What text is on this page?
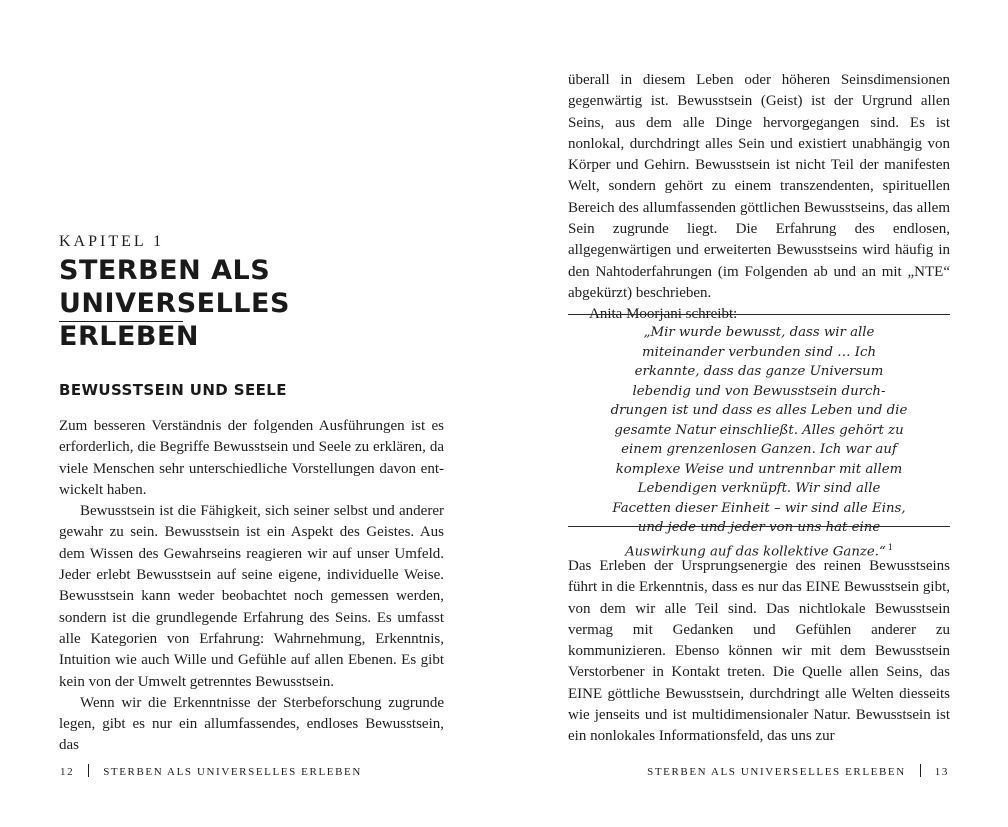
KAPITEL 1
STERBEN ALS UNIVERSELLES
ERLEBEN
BEWUSSTSEIN UND SEELE

Zum besseren Verständnis der folgenden Ausführungen ist es erforderlich, die Begriffe Bewusstsein und Seele zu erklären, da viele Menschen sehr unterschiedliche Vorstellungen davon entwickelt haben.

Bewusstsein ist die Fähigkeit, sich seiner selbst und anderer gewahr zu sein. Bewusstsein ist ein Aspekt des Geistes. Aus dem Wissen des Gewahrseins reagieren wir auf unser Umfeld. Jeder erlebt Bewusstsein auf seine eigene, individuelle Weise. Bewusstsein kann weder beobachtet noch gemessen werden, sondern ist die grundlegende Erfahrung des Seins. Es umfasst alle Kategorien von Erfahrung: Wahrnehmung, Erkenntnis, Intuition wie auch Wille und Gefühle auf allen Ebenen. Es gibt kein von der Umwelt getrenntes Bewusstsein.

Wenn wir die Erkenntnisse der Sterbeforschung zugrunde legen, gibt es nur ein allumfassendes, endloses Bewusstsein, das

12	STERBEN ALS UNIVERSELLES ERLEBEN

überall in diesem Leben oder höheren Seinsdimensionen gegenwärtig ist. Bewusstsein (Geist) ist der Urgrund allen Seins, aus dem alle Dinge hervorgegangen sind. Es ist nonlokal, durchdringt alles Sein und existiert unabhängig von Körper und Gehirn. Bewusstsein ist nicht Teil der manifesten Welt, sondern gehört zu einem transzendenten, spirituellen Bereich des allumfassenden göttlichen Bewusstseins, das allem Sein zugrunde liegt. Die Erfahrung des endlosen, allgegenwärtigen und erweiterten Bewusstseins wird häufig in den Nahtoderfahrungen (im Folgenden ab und an mit „NTE“ abgekürzt) beschrieben.

Anita Moorjani schreibt:

„Mir wurde bewusst, dass wir alle miteinander verbunden sind … Ich erkannte, dass das ganze Universum lebendig und von Bewusstsein durchdrungen ist und dass es alles Leben und die gesamte Natur einschließt. Alles gehört zu einem grenzenlosen Ganzen. Ich war auf komplexe Weise und untrennbar mit allem Lebendigen verknüpft. Wir sind alle Facetten dieser Einheit – wir sind alle Eins, und jede und jeder von uns hat eine Auswirkung auf das kollektive Ganze.“ $^1$

Das Erleben der Ursprungsenergie des reinen Bewusstseins führt in die Erkenntnis, dass es nur das EINE Bewusstsein gibt, von dem wir alle Teil sind. Das nichtlokale Bewusstsein vermag mit Gedanken und Gefühlen anderer zu kommunizieren. Ebenso können wir mit dem Bewusstsein Verstorbener in Kontakt treten. Die Quelle allen Seins, das EINE göttliche Bewusstsein, durchdringt alle Welten diesseits wie jenseits und ist multidimensionaler Natur. Bewusstsein ist ein nonlokales Informationsfeld, das uns zur

STERBEN ALS UNIVERSELLES ERLEBEN	13
